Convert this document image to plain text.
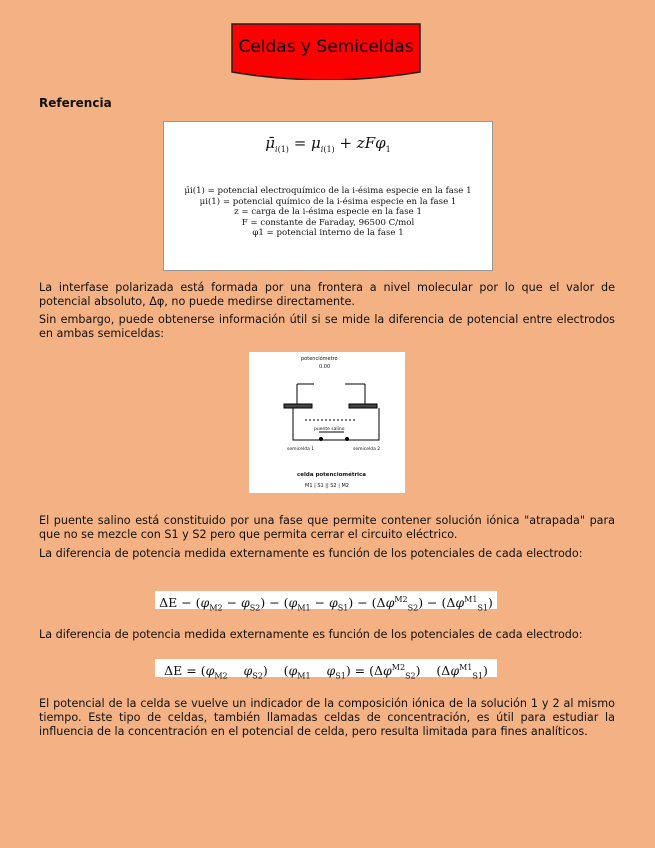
Celdas y Semiceldas
Referencia
$\mū_{i(1)} = \mu_{i(1)} + zF\varphi_1$
μ̄i(1) = potencial electroquímico de la i-ésima especie en la fase 1
μi(1) = potencial químico de la i-ésima especie en la fase 1
z = carga de la i-ésima especie en la fase 1
F = constante de Faraday, 96500 C/mol
φ1 = potencial interno de la fase 1

La interfase polarizada está formada por una frontera a nivel molecular por lo que el valor de potencial absoluto, Δφ, no puede medirse directamente.

Sin embargo, puede obtenerse información útil si se mide la diferencia de potencial entre electrodos en ambas semiceldas:

potenciómetro
0.00
semicelda 1	semicelda 2
puente salino
celda potenciométrica
M1 | S1 || S2 | M2

El puente salino está constituido por una fase que permite contener solución iónica "atrapada" para que no se mezcle con S1 y S2 pero que permita cerrar el circuito eléctrico.

La diferencia de potencia medida externamente es función de los potenciales de cada electrodo:

$\Delta E - (\varphi_{M2} - \varphi_{S2}) - (\varphi_{M1} - \varphi_{S1}) - (\Delta\varphi^{M2}_{S2}) - (\Delta\varphi^{M1}_{S1})$

La diferencia de potencia medida externamente es función de los potenciales de cada electrodo:

$\Delta E = (\varphi_{M2}$ $\varphi_{S2}$)    ($\varphi_{M1}$ $\varphi_{S1}) = (\Delta\varphi^{M2}_{S2})$    $(\Delta\varphi^{M1}_{S1})$

El potencial de la celda se vuelve un indicador de la composición iónica de la solución 1 y 2 al mismo tiempo. Este tipo de celdas, también llamadas celdas de concentración, es útil para estudiar la influencia de la concentración en el potencial de celda, pero resulta limitada para fines analíticos.
